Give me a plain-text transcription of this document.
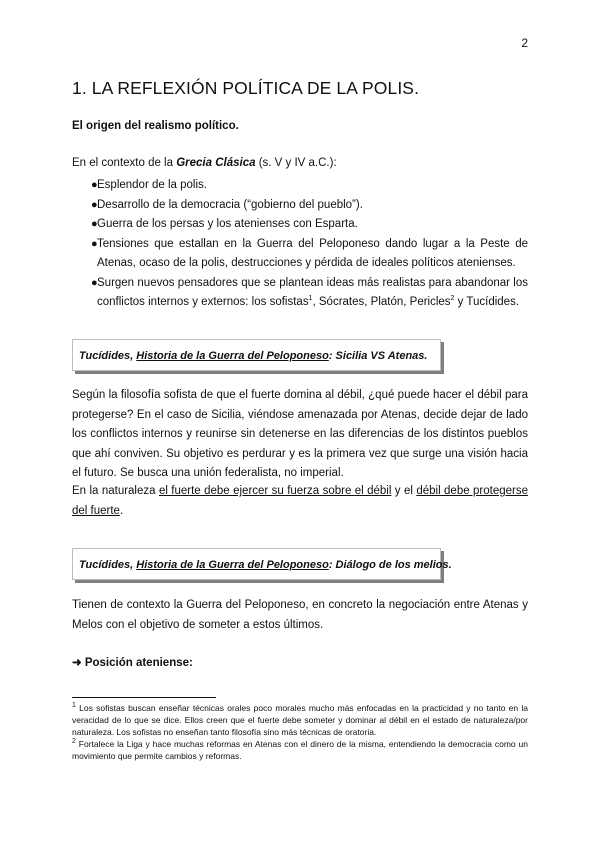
2
1. LA REFLEXIÓN POLÍTICA DE LA POLIS.
El origen del realismo político.
En el contexto de la Grecia Clásica (s. V y IV a.C.):
● Esplendor de la polis.
● Desarrollo de la democracia (“gobierno del pueblo”).
● Guerra de los persas y los atenienses con Esparta.
● Tensiones que estallan en la Guerra del Peloponeso dando lugar a la Peste de Atenas, ocaso de la polis, destrucciones y pérdida de ideales políticos atenienses.
● Surgen nuevos pensadores que se plantean ideas más realistas para abandonar los conflictos internos y externos: los sofistas$^1$, Sócrates, Platón, Pericles$^2$ y Tucídides.
Tucídides, Historia de la Guerra del Peloponeso: Sicilia VS Atenas.
Según la filosofía sofista de que el fuerte domina al débil, ¿qué puede hacer el débil para protegerse? En el caso de Sicilia, viéndose amenazada por Atenas, decide dejar de lado los conflictos internos y reunirse sin detenerse en las diferencias de los distintos pueblos que ahí conviven. Su objetivo es perdurar y es la primera vez que surge una visión hacia el futuro. Se busca una unión federalista, no imperial.
En la naturaleza el fuerte debe ejercer su fuerza sobre el débil y el débil debe protegerse del fuerte.
Tucídides, Historia de la Guerra del Peloponeso: Diálogo de los melios.
Tienen de contexto la Guerra del Peloponeso, en concreto la negociación entre Atenas y Melos con el objetivo de someter a estos últimos.
➜ Posición ateniense:

$^1$ Los sofistas buscan enseñar técnicas orales poco morales mucho más enfocadas en la practicidad y no tanto en la veracidad de lo que se dice. Ellos creen que el fuerte debe someter y dominar al débil en el estado de naturaleza/por naturaleza. Los sofistas no enseñan tanto filosofía sino más técnicas de oratoria.

$^2$ Fortalece la Liga y hace muchas reformas en Atenas con el dinero de la misma, entendiendo la democracia como un movimiento que permite cambios y reformas.
